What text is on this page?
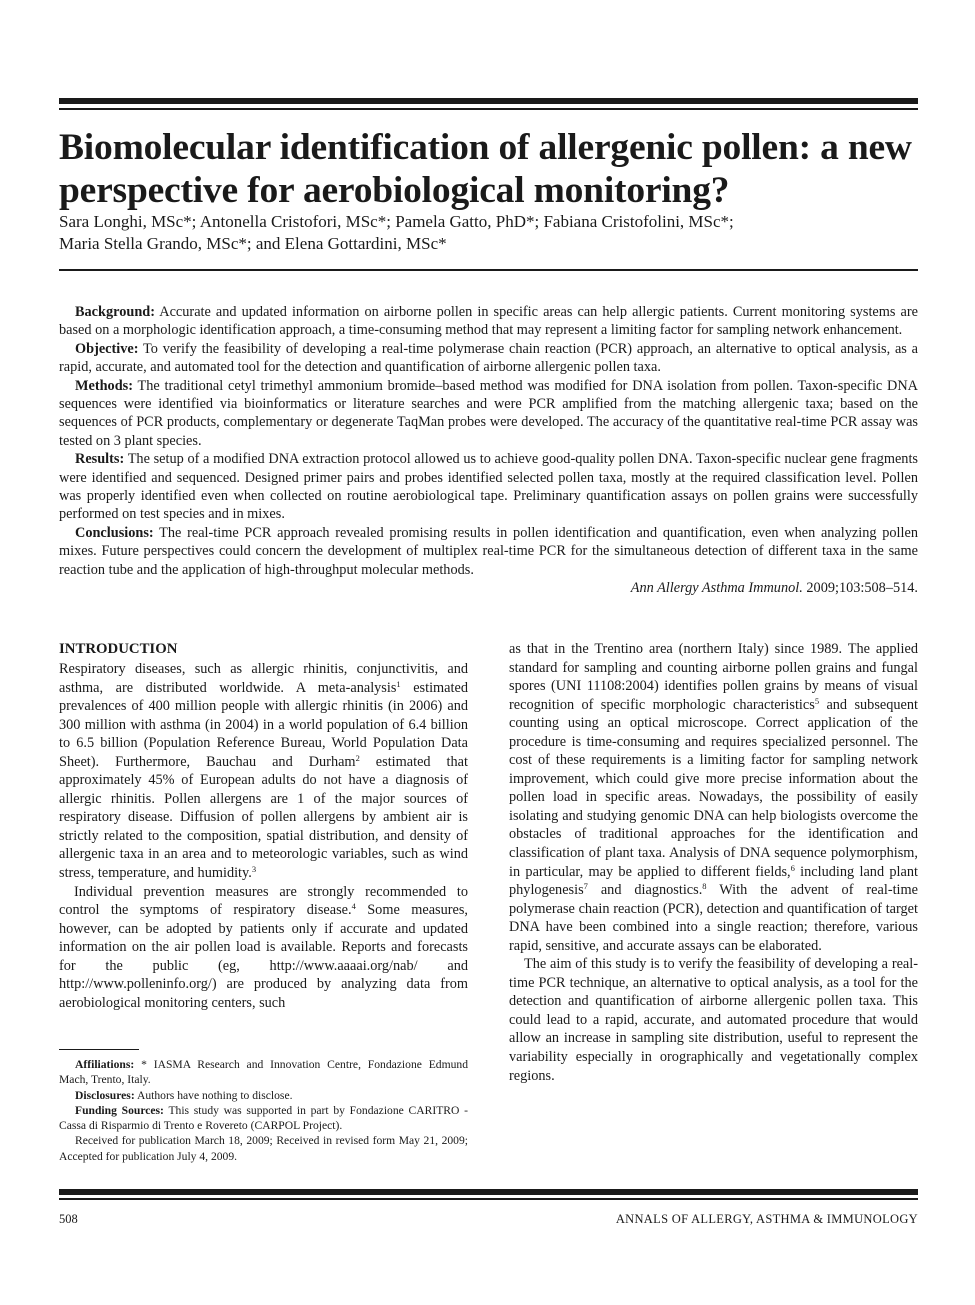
Biomolecular identification of allergenic pollen: a new perspective for aerobiological monitoring?
Sara Longhi, MSc*; Antonella Cristofori, MSc*; Pamela Gatto, PhD*; Fabiana Cristofolini, MSc*;
Maria Stella Grando, MSc*; and Elena Gottardini, MSc*

Background: Accurate and updated information on airborne pollen in specific areas can help allergic patients. Current monitoring systems are based on a morphologic identification approach, a time-consuming method that may represent a limiting factor for sampling network enhancement.

Objective: To verify the feasibility of developing a real-time polymerase chain reaction (PCR) approach, an alternative to optical analysis, as a rapid, accurate, and automated tool for the detection and quantification of airborne allergenic pollen taxa.

Methods: The traditional cetyl trimethyl ammonium bromide–based method was modified for DNA isolation from pollen. Taxon-specific DNA sequences were identified via bioinformatics or literature searches and were PCR amplified from the matching allergenic taxa; based on the sequences of PCR products, complementary or degenerate TaqMan probes were developed. The accuracy of the quantitative real-time PCR assay was tested on 3 plant species.

Results: The setup of a modified DNA extraction protocol allowed us to achieve good-quality pollen DNA. Taxon-specific nuclear gene fragments were identified and sequenced. Designed primer pairs and probes identified selected pollen taxa, mostly at the required classification level. Pollen was properly identified even when collected on routine aerobiological tape. Preliminary quantification assays on pollen grains were successfully performed on test species and in mixes.

Conclusions: The real-time PCR approach revealed promising results in pollen identification and quantification, even when analyzing pollen mixes. Future perspectives could concern the development of multiplex real-time PCR for the simultaneous detection of different taxa in the same reaction tube and the application of high-throughput molecular methods.

Ann Allergy Asthma Immunol. 2009;103:508–514.

INTRODUCTION

Respiratory diseases, such as allergic rhinitis, conjunctivitis, and asthma, are distributed worldwide. A meta-analysis$^1$ estimated prevalences of 400 million people with allergic rhinitis (in 2006) and 300 million with asthma (in 2004) in a world population of 6.4 billion to 6.5 billion (Population Reference Bureau, World Population Data Sheet). Furthermore, Bauchau and Durham$^2$ estimated that approximately 45% of European adults do not have a diagnosis of allergic rhinitis. Pollen allergens are 1 of the major sources of respiratory disease. Diffusion of pollen allergens by ambient air is strictly related to the composition, spatial distribution, and density of allergenic taxa in an area and to meteorologic variables, such as wind stress, temperature, and humidity.$^3$

Individual prevention measures are strongly recommended to control the symptoms of respiratory disease.$^4$ Some measures, however, can be adopted by patients only if accurate and updated information on the air pollen load is available. Reports and forecasts for the public (eg, http://www.aaaai.org/nab/ and http://www.polleninfo.org/) are produced by analyzing data from aerobiological monitoring centers, such

Affiliations: * IASMA Research and Innovation Centre, Fondazione Edmund Mach, Trento, Italy.

Disclosures: Authors have nothing to disclose.

Funding Sources: This study was supported in part by Fondazione CARITRO - Cassa di Risparmio di Trento e Rovereto (CARPOL Project).

Received for publication March 18, 2009; Received in revised form May 21, 2009; Accepted for publication July 4, 2009.

as that in the Trentino area (northern Italy) since 1989. The applied standard for sampling and counting airborne pollen grains and fungal spores (UNI 11108:2004) identifies pollen grains by means of visual recognition of specific morphologic characteristics$^5$ and subsequent counting using an optical microscope. Correct application of the procedure is time-consuming and requires specialized personnel. The cost of these requirements is a limiting factor for sampling network improvement, which could give more precise information about the pollen load in specific areas. Nowadays, the possibility of easily isolating and studying genomic DNA can help biologists overcome the obstacles of traditional approaches for the identification and classification of plant taxa. Analysis of DNA sequence polymorphism, in particular, may be applied to different fields,$^6$ including land plant phylogenesis$^7$ and diagnostics.$^8$ With the advent of real-time polymerase chain reaction (PCR), detection and quantification of target DNA have been combined into a single reaction; therefore, various rapid, sensitive, and accurate assays can be elaborated.

The aim of this study is to verify the feasibility of developing a real-time PCR technique, an alternative to optical analysis, as a tool for the detection and quantification of airborne allergenic pollen taxa. This could lead to a rapid, accurate, and automated procedure that would allow an increase in sampling site distribution, useful to represent the variability especially in orographically and vegetationally complex regions.

508	ANNALS OF ALLERGY, ASTHMA & IMMUNOLOGY
